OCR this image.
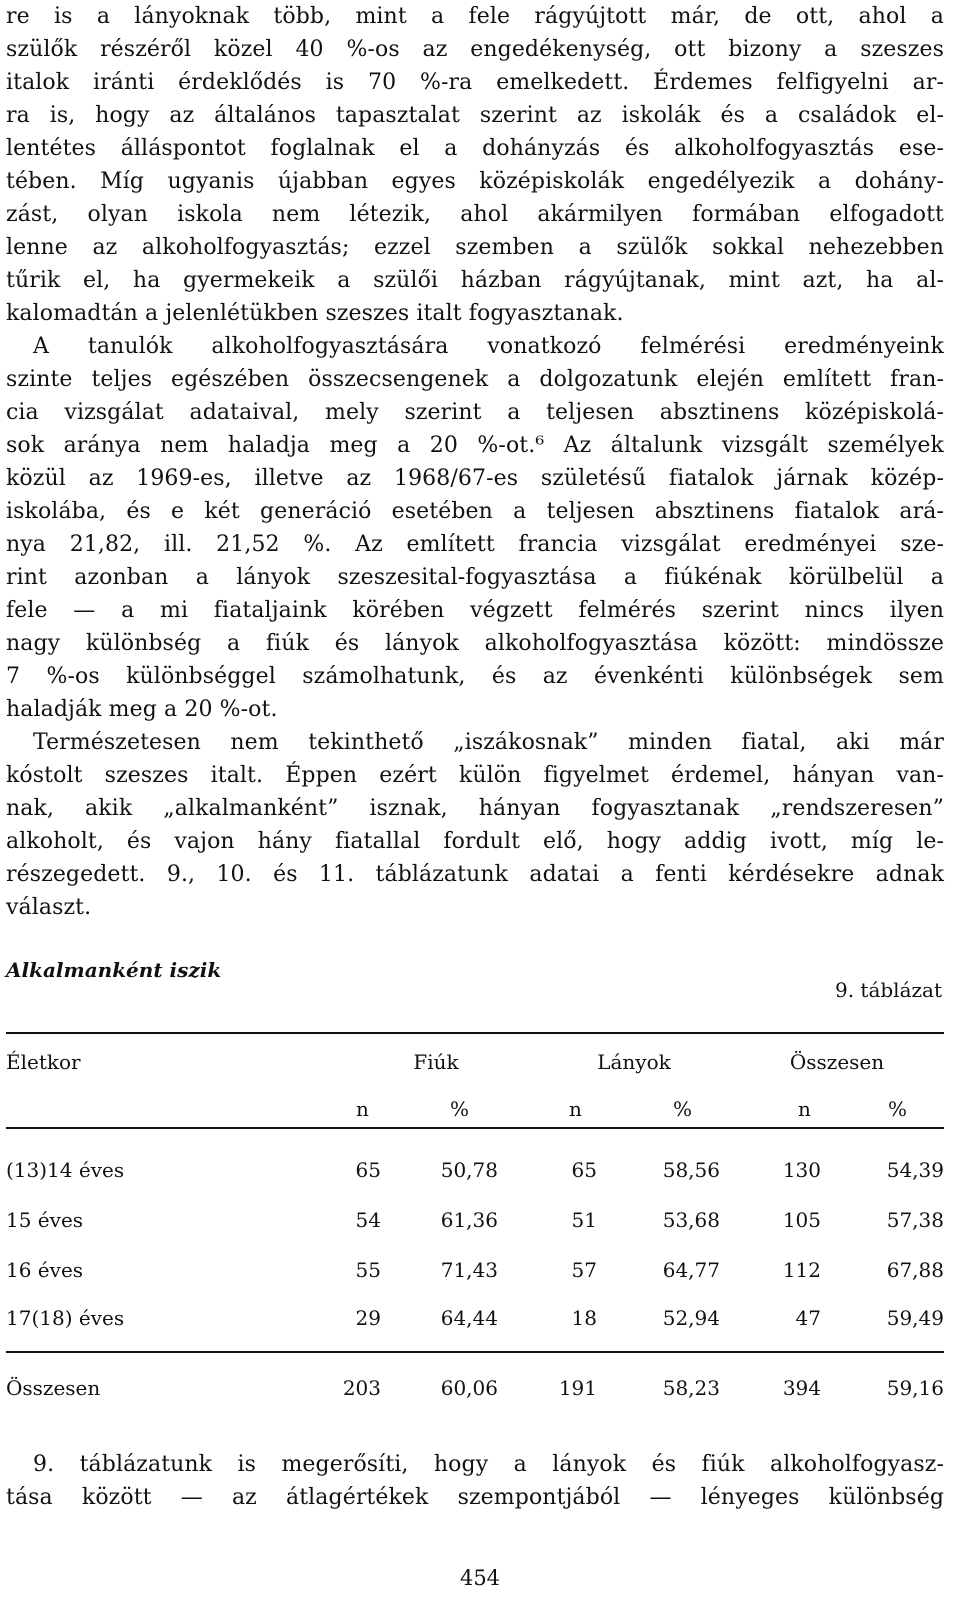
re is a lányoknak több, mint a fele rágyújtott már, de ott, ahol a
szülők részéről közel 40 %-os az engedékenység, ott bizony a szeszes
italok iránti érdeklődés is 70 %-ra emelkedett. Érdemes felfigyelni ar-
ra is, hogy az általános tapasztalat szerint az iskolák és a családok el-
lentétes álláspontot foglalnak el a dohányzás és alkoholfogyasztás ese-
tében. Míg ugyanis újabban egyes középiskolák engedélyezik a dohány-
zást, olyan iskola nem létezik, ahol akármilyen formában elfogadott
lenne az alkoholfogyasztás; ezzel szemben a szülők sokkal nehezebben
tűrik el, ha gyermekeik a szülői házban rágyújtanak, mint azt, ha al-
kalomadtán a jelenlétükben szeszes italt fogyasztanak.
A tanulók alkoholfogyasztására vonatkozó felmérési eredményeink
szinte teljes egészében összecsengenek a dolgozatunk elején említett fran-
cia vizsgálat adataival, mely szerint a teljesen absztinens középiskolá-
sok aránya nem haladja meg a 20 %-ot.⁶ Az általunk vizsgált személyek
közül az 1969-es, illetve az 1968/67-es születésű fiatalok járnak közép-
iskolába, és e két generáció esetében a teljesen absztinens fiatalok ará-
nya 21,82, ill. 21,52 %. Az említett francia vizsgálat eredményei sze-
rint azonban a lányok szeszesital-fogyasztása a fiúkénak körülbelül a
fele — a mi fiataljaink körében végzett felmérés szerint nincs ilyen
nagy különbség a fiúk és lányok alkoholfogyasztása között: mindössze
7 %-os különbséggel számolhatunk, és az évenkénti különbségek sem
haladják meg a 20 %-ot.
Természetesen nem tekinthető „iszákosnak” minden fiatal, aki már
kóstolt szeszes italt. Éppen ezért külön figyelmet érdemel, hányan van-
nak, akik „alkalmanként” isznak, hányan fogyasztanak „rendszeresen”
alkoholt, és vajon hány fiatallal fordult elő, hogy addig ivott, míg le-
részegedett. 9., 10. és 11. táblázatunk adatai a fenti kérdésekre adnak
választ.
Alkalmanként iszik
9. táblázat
Életkor	Fiúk	Lányok	Összesen
n	%	n	%	n	%
(13)14 éves	65	50,78	65	58,56	130	54,39
15 éves	54	61,36	51	53,68	105	57,38
16 éves	55	71,43	57	64,77	112	67,88
17(18) éves	29	64,44	18	52,94	47	59,49
Összesen	203	60,06	191	58,23	394	59,16
9. táblázatunk is megerősíti, hogy a lányok és fiúk alkoholfogyasz-
tása között — az átlagértékek szempontjából — lényeges különbség
454
